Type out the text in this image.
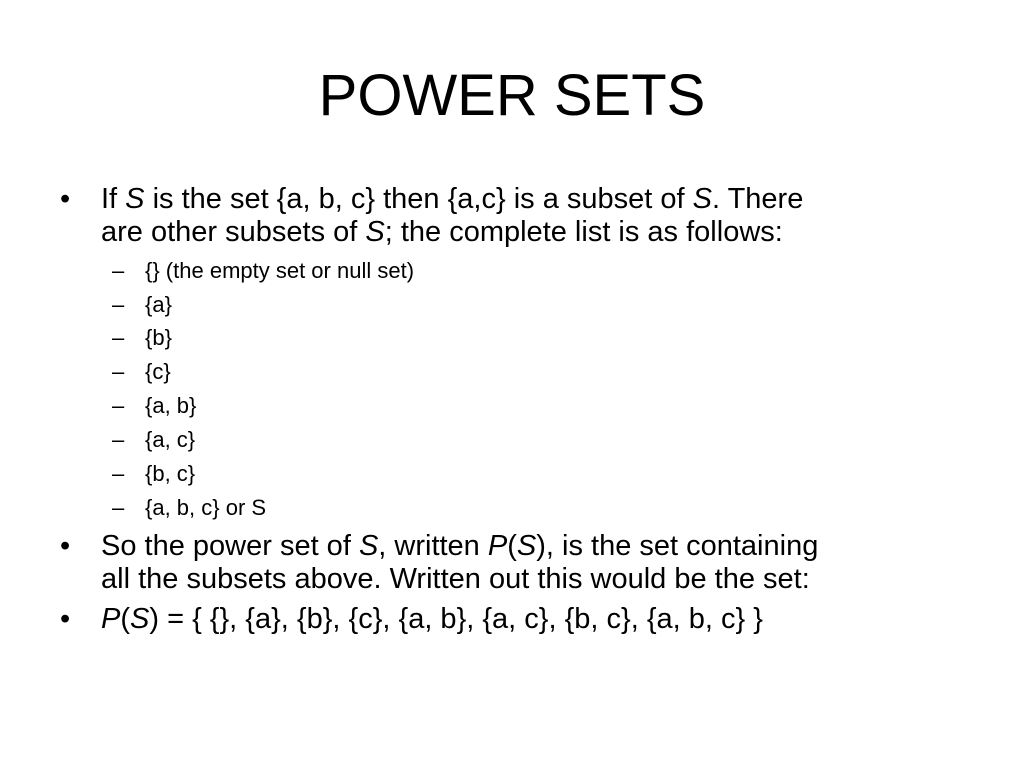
POWER SETS
•	If S is the set {a, b, c} then {a,c} is a subset of S. There
are other subsets of S; the complete list is as follows:
– {} (the empty set or null set)
– {a}
– {b}
– {c}
– {a, b}
– {a, c}
– {b, c}
– {a, b, c} or S
•	So the power set of S, written P(S), is the set containing
all the subsets above. Written out this would be the set:
•	P(S) = { {}, {a}, {b}, {c}, {a, b}, {a, c}, {b, c}, {a, b, c} }
